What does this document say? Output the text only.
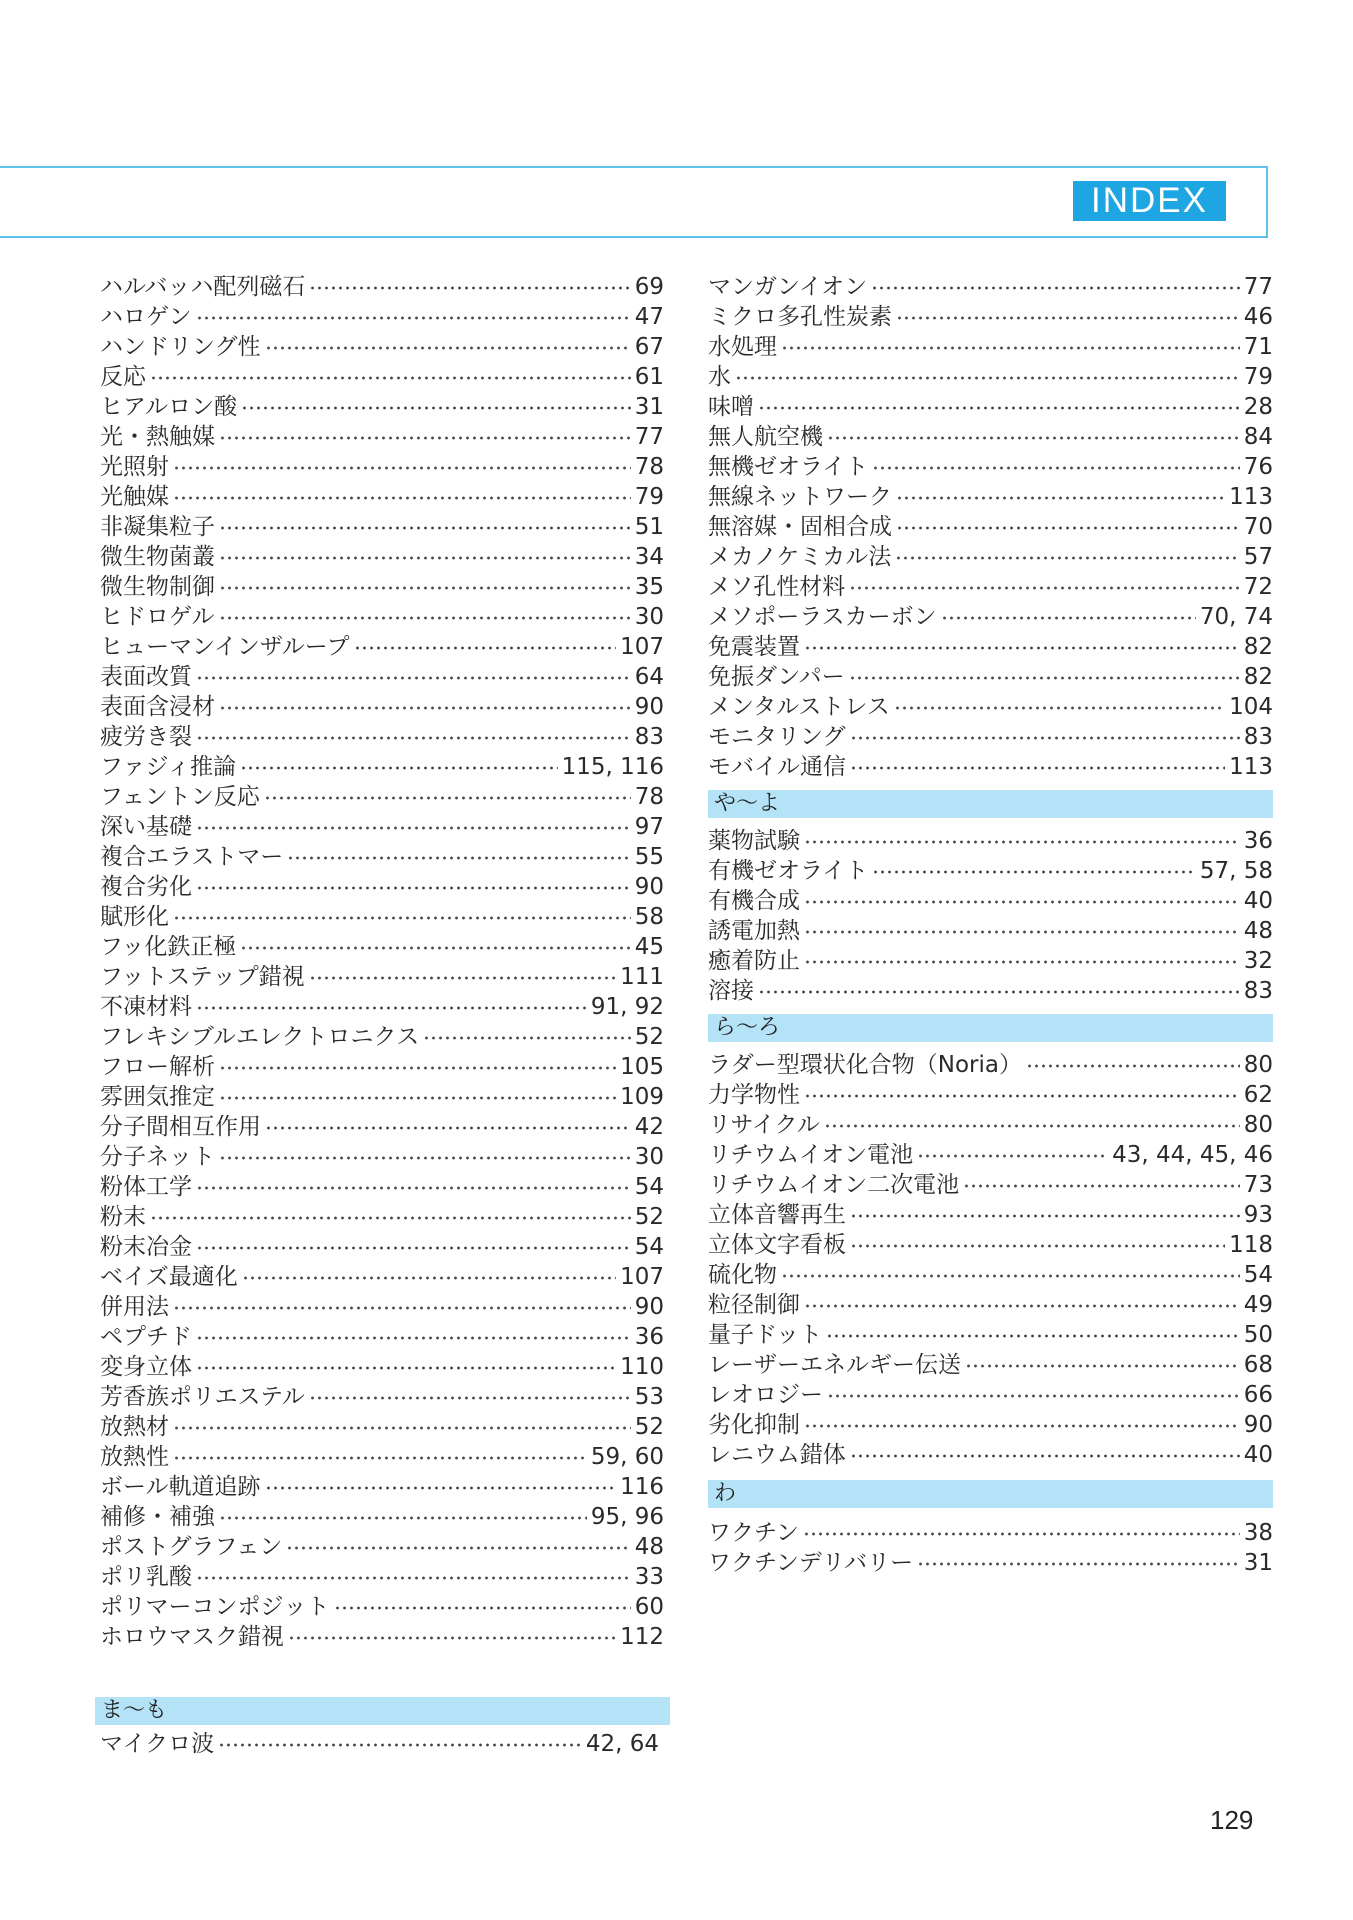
INDEX
ハルバッハ配列磁石	69
ハロゲン	47
ハンドリング性	67
反応	61
ヒアルロン酸	31
光・熱触媒	77
光照射	78
光触媒	79
非凝集粒子	51
微生物菌叢	34
微生物制御	35
ヒドロゲル	30
ヒューマンインザループ	107
表面改質	64
表面含浸材	90
疲労き裂	83
ファジィ推論	115, 116
フェントン反応	78
深い基礎	97
複合エラストマー	55
複合劣化	90
賦形化	58
フッ化鉄正極	45
フットステップ錯視	111
不凍材料	91, 92
フレキシブルエレクトロニクス	52
フロー解析	105
雰囲気推定	109
分子間相互作用	42
分子ネット	30
粉体工学	54
粉末	52
粉末冶金	54
ベイズ最適化	107
併用法	90
ペプチド	36
変身立体	110
芳香族ポリエステル	53
放熱材	52
放熱性	59, 60
ボール軌道追跡	116
補修・補強	95, 96
ポストグラフェン	48
ポリ乳酸	33
ポリマーコンポジット	60
ホロウマスク錯視	112
ま〜も
マイクロ波	42, 64
マンガンイオン	77
ミクロ多孔性炭素	46
水処理	71
水	79
味噌	28
無人航空機	84
無機ゼオライト	76
無線ネットワーク	113
無溶媒・固相合成	70
メカノケミカル法	57
メソ孔性材料	72
メソポーラスカーボン	70, 74
免震装置	82
免振ダンパー	82
メンタルストレス	104
モニタリング	83
モバイル通信	113
や〜よ
薬物試験	36
有機ゼオライト	57, 58
有機合成	40
誘電加熱	48
癒着防止	32
溶接	83
ら〜ろ
ラダー型環状化合物（Noria）	80
力学物性	62
リサイクル	80
リチウムイオン電池	43, 44, 45, 46
リチウムイオン二次電池	73
立体音響再生	93
立体文字看板	118
硫化物	54
粒径制御	49
量子ドット	50
レーザーエネルギー伝送	68
レオロジー	66
劣化抑制	90
レニウム錯体	40
わ
ワクチン	38
ワクチンデリバリー	31
129
